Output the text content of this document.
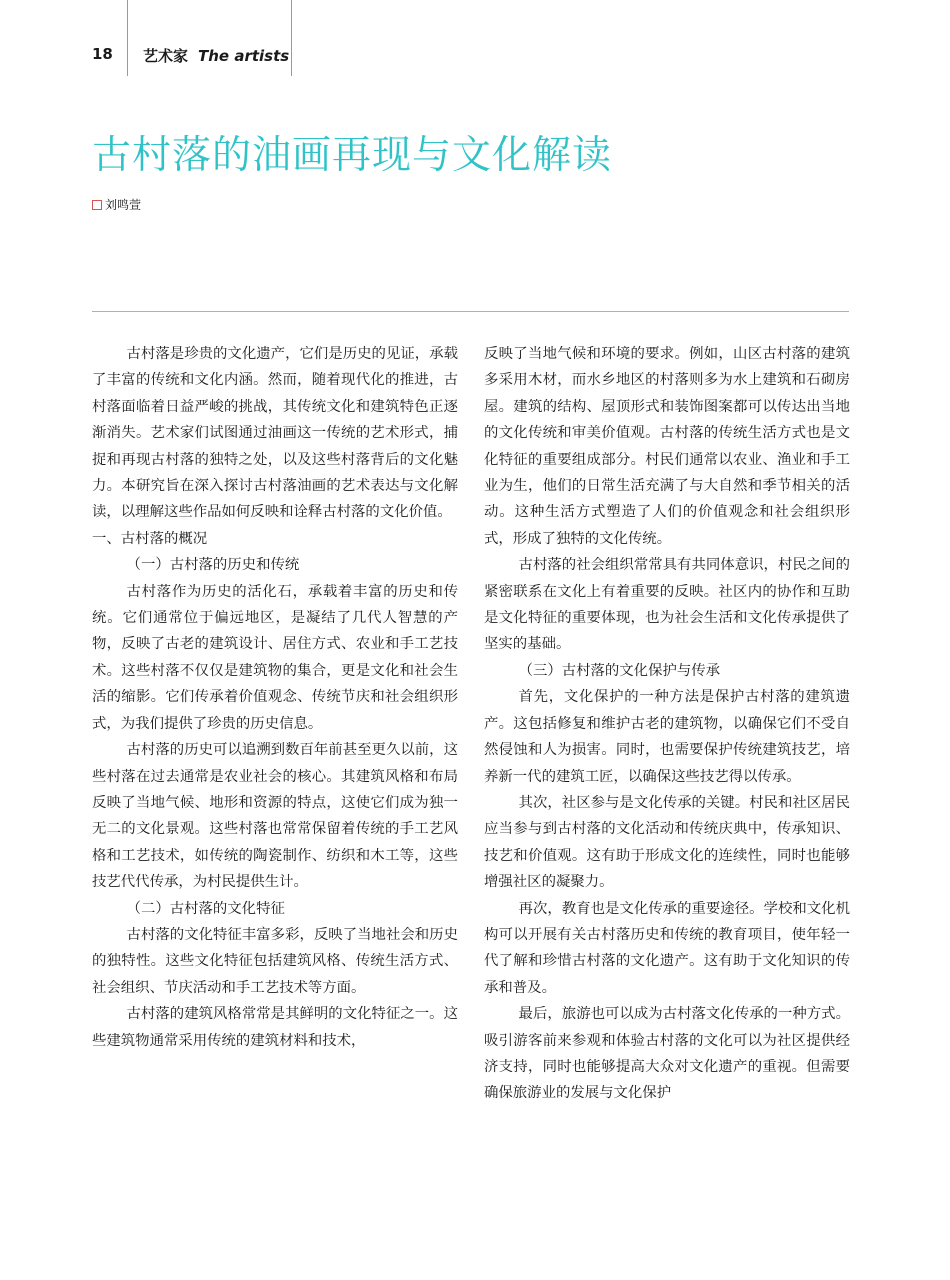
18 艺术家 The artists
古村落的油画再现与文化解读
刘鸣萱

古村落是珍贵的文化遗产，它们是历史的见证，承载了丰富的传统和文化内涵。然而，随着现代化的推进，古村落面临着日益严峻的挑战，其传统文化和建筑特色正逐渐消失。艺术家们试图通过油画这一传统的艺术形式，捕捉和再现古村落的独特之处，以及这些村落背后的文化魅力。本研究旨在深入探讨古村落油画的艺术表达与文化解读，以理解这些作品如何反映和诠释古村落的文化价值。

一、古村落的概况

（一）古村落的历史和传统

古村落作为历史的活化石，承载着丰富的历史和传统。它们通常位于偏远地区，是凝结了几代人智慧的产物，反映了古老的建筑设计、居住方式、农业和手工艺技术。这些村落不仅仅是建筑物的集合，更是文化和社会生活的缩影。它们传承着价值观念、传统节庆和社会组织形式，为我们提供了珍贵的历史信息。

古村落的历史可以追溯到数百年前甚至更久以前，这些村落在过去通常是农业社会的核心。其建筑风格和布局反映了当地气候、地形和资源的特点，这使它们成为独一无二的文化景观。这些村落也常常保留着传统的手工艺风格和工艺技术，如传统的陶瓷制作、纺织和木工等，这些技艺代代传承，为村民提供生计。

（二）古村落的文化特征

古村落的文化特征丰富多彩，反映了当地社会和历史的独特性。这些文化特征包括建筑风格、传统生活方式、社会组织、节庆活动和手工艺技术等方面。

古村落的建筑风格常常是其鲜明的文化特征之一。这些建筑物通常采用传统的建筑材料和技术，

反映了当地气候和环境的要求。例如，山区古村落的建筑多采用木材，而水乡地区的村落则多为水上建筑和石砌房屋。建筑的结构、屋顶形式和装饰图案都可以传达出当地的文化传统和审美价值观。古村落的传统生活方式也是文化特征的重要组成部分。村民们通常以农业、渔业和手工业为生，他们的日常生活充满了与大自然和季节相关的活动。这种生活方式塑造了人们的价值观念和社会组织形式，形成了独特的文化传统。

古村落的社会组织常常具有共同体意识，村民之间的紧密联系在文化上有着重要的反映。社区内的协作和互助是文化特征的重要体现，也为社会生活和文化传承提供了坚实的基础。

（三）古村落的文化保护与传承

首先，文化保护的一种方法是保护古村落的建筑遗产。这包括修复和维护古老的建筑物，以确保它们不受自然侵蚀和人为损害。同时，也需要保护传统建筑技艺，培养新一代的建筑工匠，以确保这些技艺得以传承。

其次，社区参与是文化传承的关键。村民和社区居民应当参与到古村落的文化活动和传统庆典中，传承知识、技艺和价值观。这有助于形成文化的连续性，同时也能够增强社区的凝聚力。

再次，教育也是文化传承的重要途径。学校和文化机构可以开展有关古村落历史和传统的教育项目，使年轻一代了解和珍惜古村落的文化遗产。这有助于文化知识的传承和普及。

最后，旅游也可以成为古村落文化传承的一种方式。吸引游客前来参观和体验古村落的文化可以为社区提供经济支持，同时也能够提高大众对文化遗产的重视。但需要确保旅游业的发展与文化保护
